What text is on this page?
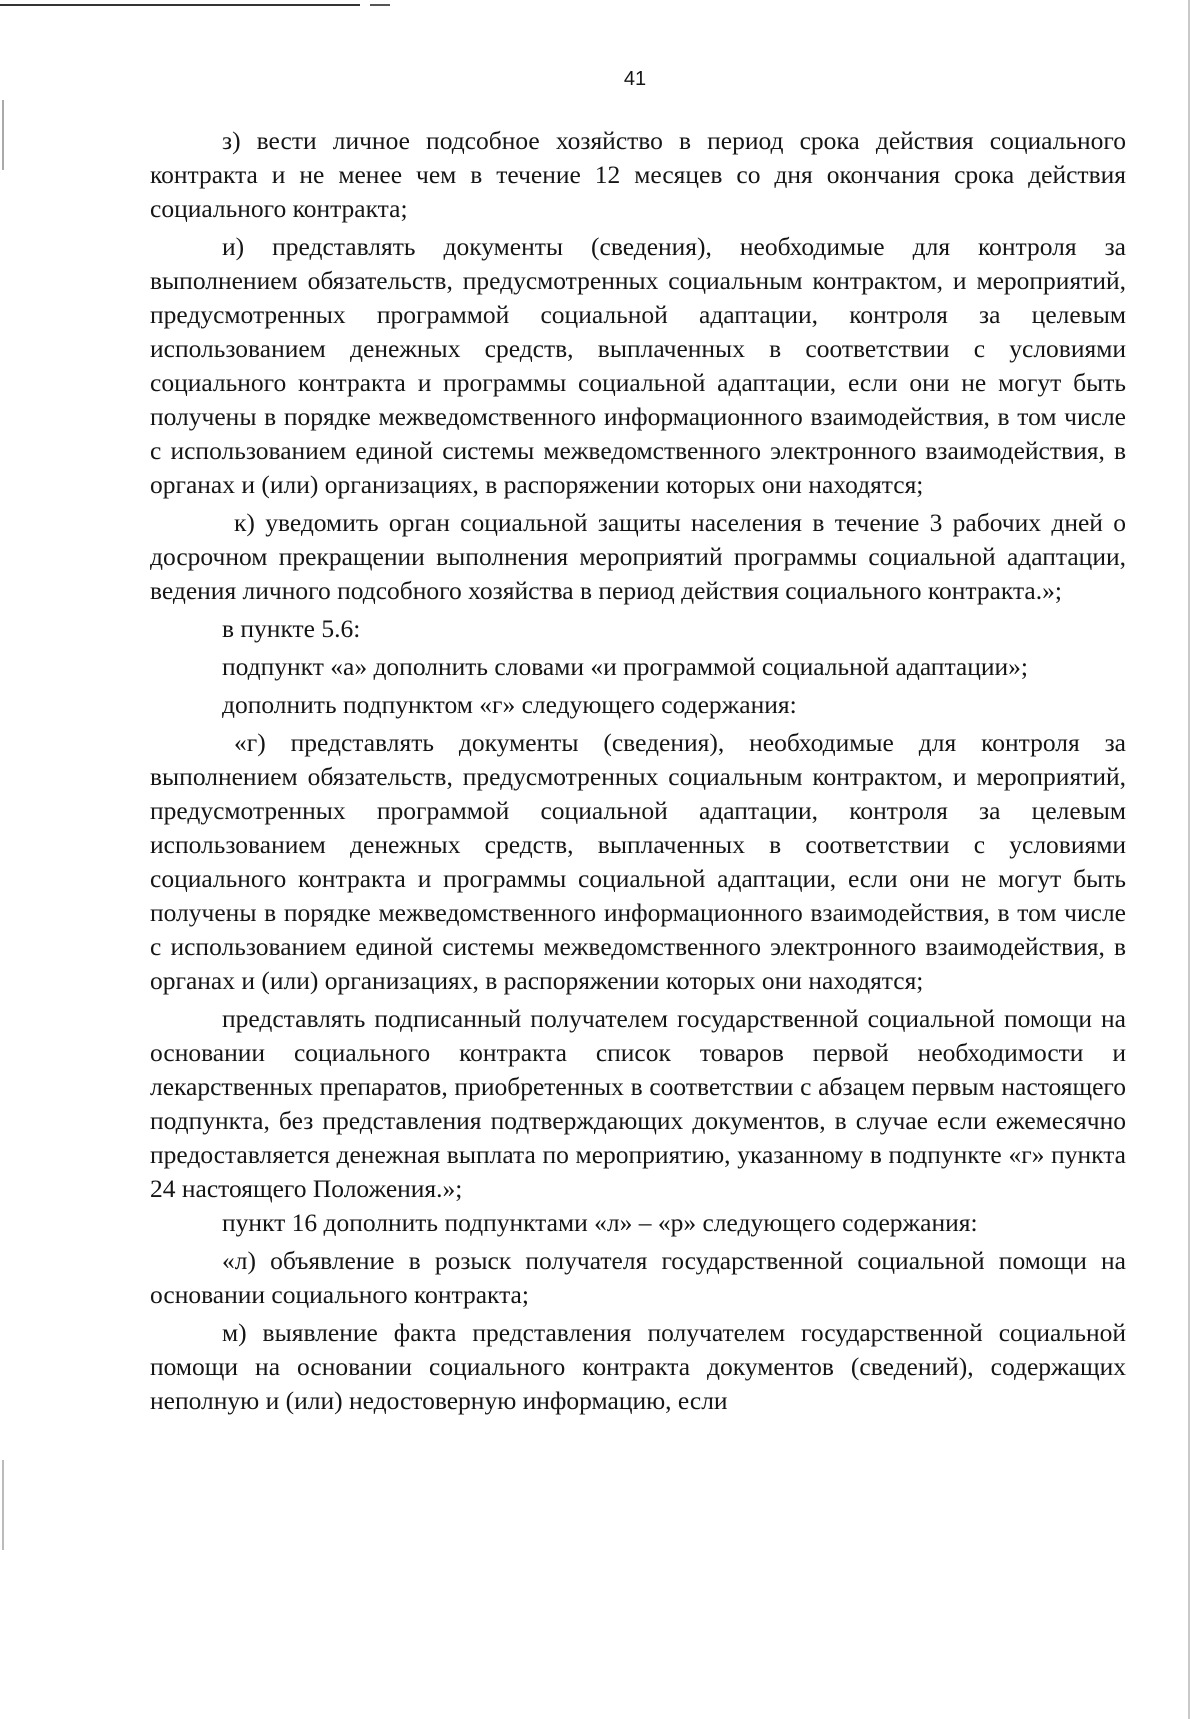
41

з) вести личное подсобное хозяйство в период срока действия социального контракта и не менее чем в течение 12 месяцев со дня окончания срока действия социального контракта;

и) представлять документы (сведения), необходимые для контроля за выполнением обязательств, предусмотренных социальным контрактом, и мероприятий, предусмотренных программой социальной адаптации, контроля за целевым использованием денежных средств, выплаченных в соответствии с условиями социального контракта и программы социальной адаптации, если они не могут быть получены в порядке межведомственного информационного взаимодействия, в том числе с использованием единой системы межведомственного электронного взаимодействия, в органах и (или) организациях, в распоряжении которых они находятся;

к) уведомить орган социальной защиты населения в течение 3 рабочих дней о досрочном прекращении выполнения мероприятий программы социальной адаптации, ведения личного подсобного хозяйства в период действия социального контракта.»;

в пункте 5.6:

подпункт «а» дополнить словами «и программой социальной адаптации»;

дополнить подпунктом «г» следующего содержания:

«г) представлять документы (сведения), необходимые для контроля за выполнением обязательств, предусмотренных социальным контрактом, и мероприятий, предусмотренных программой социальной адаптации, контроля за целевым использованием денежных средств, выплаченных в соответствии с условиями социального контракта и программы социальной адаптации, если они не могут быть получены в порядке межведомственного информационного взаимодействия, в том числе с использованием единой системы межведомственного электронного взаимодействия, в органах и (или) организациях, в распоряжении которых они находятся;

представлять подписанный получателем государственной социальной помощи на основании социального контракта список товаров первой необходимости и лекарственных препаратов, приобретенных в соответствии с абзацем первым настоящего подпункта, без представления подтверждающих документов, в случае если ежемесячно предоставляется денежная выплата по мероприятию, указанному в подпункте «г» пункта 24 настоящего Положения.»;

пункт 16 дополнить подпунктами «л» – «р» следующего содержания:

«л) объявление в розыск получателя государственной социальной помощи на основании социального контракта;

м) выявление факта представления получателем государственной социальной помощи на основании социального контракта документов (сведений), содержащих неполную и (или) недостоверную информацию, если
